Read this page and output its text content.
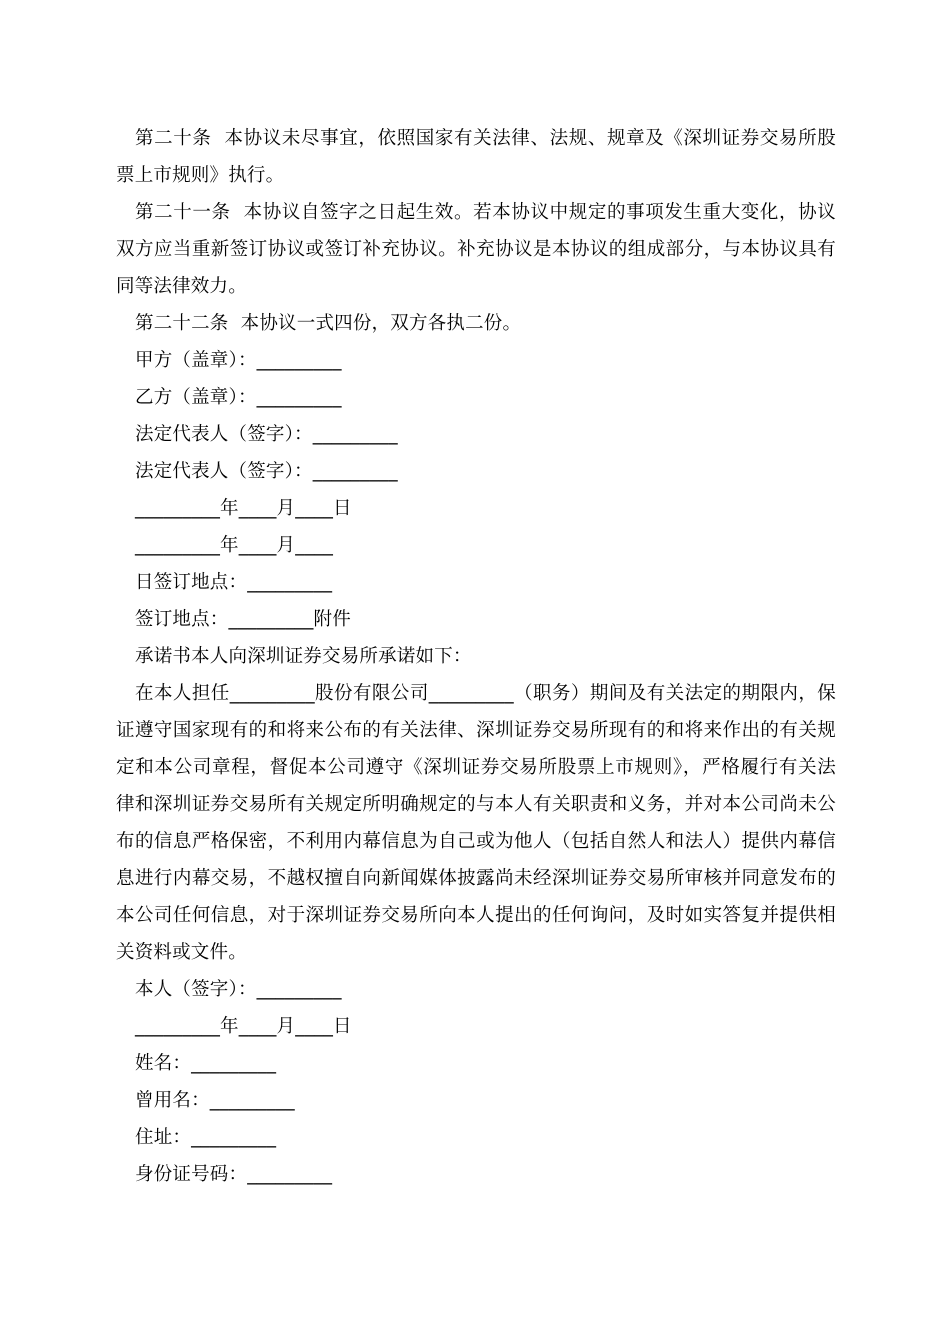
第二十条  本协议未尽事宜，依照国家有关法律、法规、规章及《深圳证券交易所股票上市规则》执行。

第二十一条  本协议自签字之日起生效。若本协议中规定的事项发生重大变化，协议双方应当重新签订协议或签订补充协议。补充协议是本协议的组成部分，与本协议具有同等法律效力。

第二十二条  本协议一式四份，双方各执二份。

甲方（盖章）：_________

乙方（盖章）：_________

法定代表人（签字）：_________

法定代表人（签字）：_________

_________年____月____日

_________年____月____

日签订地点：_________

签订地点：_________附件

承诺书本人向深圳证券交易所承诺如下：

在本人担任_________股份有限公司_________（职务）期间及有关法定的期限内，保证遵守国家现有的和将来公布的有关法律、深圳证券交易所现有的和将来作出的有关规定和本公司章程，督促本公司遵守《深圳证券交易所股票上市规则》，严格履行有关法律和深圳证券交易所有关规定所明确规定的与本人有关职责和义务，并对本公司尚未公布的信息严格保密，不利用内幕信息为自己或为他人（包括自然人和法人）提供内幕信息进行内幕交易，不越权擅自向新闻媒体披露尚未经深圳证券交易所审核并同意发布的本公司任何信息，对于深圳证券交易所向本人提出的任何询问，及时如实答复并提供相关资料或文件。

本人（签字）：_________

_________年____月____日

姓名：_________

曾用名：_________

住址：_________

身份证号码：_________
